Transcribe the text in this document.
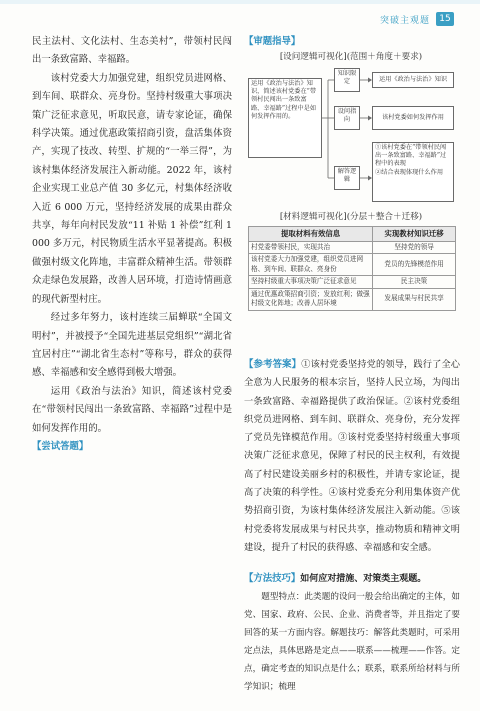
突破主观题	15

民主法村、文化法村、生态美村”，带领村民闯出一条致富路、幸福路。

该村党委大力加强党建，组织党员进网格、到车间、联群众、亮身份。坚持村级重大事项决策广泛征求意见，听取民意，请专家论证，确保科学决策。通过优惠政策招商引资，盘活集体资产，实现了技改、转型、扩规的“一举三得”，为该村集体经济发展注入新动能。2022 年，该村企业实现工业总产值 30 多亿元，村集体经济收入近 6 000 万元，坚持经济发展的成果由群众共享，每年向村民发放“11 补贴 1 补偿”红利 1 000 多万元，村民物质生活水平显著提高。积极做强村级文化阵地，丰富群众精神生活。带领群众走绿色发展路，改善人居环境，打造诗情画意的现代新型村庄。

经过多年努力，该村连续三届蝉联“全国文明村”，并被授予“全国先进基层党组织”“湖北省宜居村庄”“湖北省生态村”等称号，群众的获得感、幸福感和安全感得到极大增强。

运用《政治与法治》知识，简述该村党委在“带领村民闯出一条致富路、幸福路”过程中是如何发挥作用的。

【尝试答题】

【审题指导】
[设问逻辑可视化](范围＋角度＋要求)
运用《政治与法治》知识，简述该村党委在“带领村民闯出一条致富路、幸福路”过程中是如何发挥作用的。
知识限定
设问指向
解答逻辑
运用《政治与法治》知识
该村党委如何发挥作用
①该村党委在“带领村民闯出一条致富路、幸福路”过程中的表现
②结合表现体现什么作用
[材料逻辑可视化](分层＋整合＋迁移)
提取材料有效信息	实现教材知识迁移
村党委带领村民，实现共治	坚持党的领导
该村党委大力加强党建，组织党员进网格、到车间、联群众、亮身份	党员的先锋模范作用
坚持村级重大事项决策广泛征求意见	民主决策
通过优惠政策招商引资；发放红利；做强村级文化阵地；改善人居环境	发展成果与村民共享
【参考答案】①该村党委坚持党的领导，践行了全心全意为人民服务的根本宗旨，坚持人民立场，为闯出一条致富路、幸福路提供了政治保证。②该村党委组织党员进网格、到车间、联群众、亮身份，充分发挥了党员先锋模范作用。③该村党委坚持村级重大事项决策广泛征求意见，保障了村民的民主权利，有效提高了村民建设美丽乡村的积极性，并请专家论证，提高了决策的科学性。④该村党委充分利用集体资产优势招商引资，为该村集体经济发展注入新动能。⑤该村党委将发展成果与村民共享，推动物质和精神文明建设，提升了村民的获得感、幸福感和安全感。

【方法技巧】如何应对措施、对策类主观题。

题型特点：此类题的设问一般会给出确定的主体，如党、国家、政府、公民、企业、消费者等，并且指定了要回答的某一方面内容。解题技巧：解答此类题时，可采用定点法，具体思路是定点——联系——梳理——作答。定点，确定考查的知识点是什么；联系，联系所给材料与所学知识；梳理
